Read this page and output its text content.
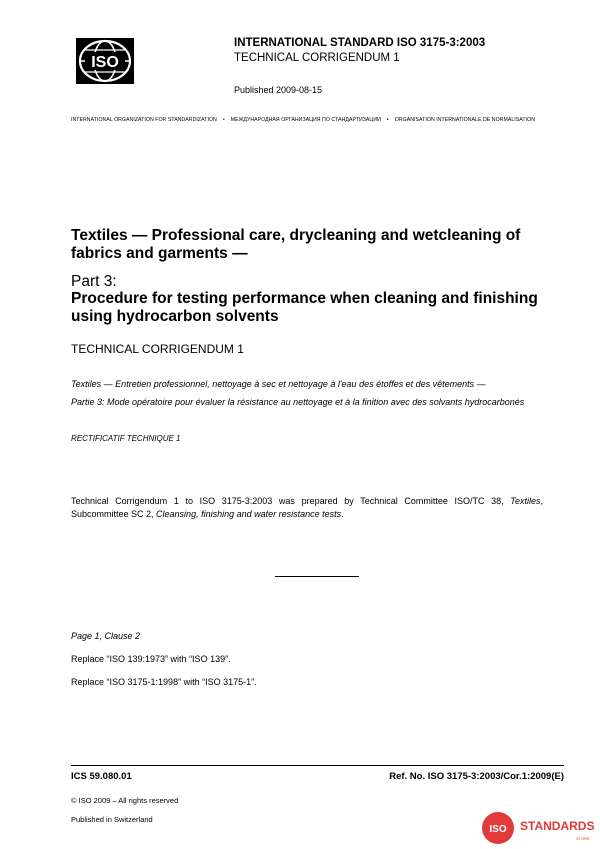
ISO
INTERNATIONAL STANDARD ISO 3175-3:2003
TECHNICAL CORRIGENDUM 1
Published 2009-08-15
INTERNATIONAL ORGANIZATION FOR STANDARDIZATION • МЕЖДУНАРОДНАЯ ОРГАНИЗАЦИЯ ПО СТАНДАРТИЗАЦИИ • ORGANISATION INTERNATIONALE DE NORMALISATION
Textiles — Professional care, drycleaning and wetcleaning of fabrics and garments —
Part 3:
Procedure for testing performance when cleaning and finishing using hydrocarbon solvents
TECHNICAL CORRIGENDUM 1
Textiles — Entretien professionnel, nettoyage à sec et nettoyage à l'eau des étoffes et des vêtements —
Partie 3: Mode opératoire pour évaluer la résistance au nettoyage et à la finition avec des solvants hydrocarbonés
RECTIFICATIF TECHNIQUE 1
Technical Corrigendum 1 to ISO 3175-3:2003 was prepared by Technical Committee ISO/TC 38, Textiles, Subcommittee SC 2, Cleansing, finishing and water resistance tests.
Page 1, Clause 2
Replace “ISO 139:1973” with “ISO 139”.
Replace “ISO 3175-1:1998” with “ISO 3175-1”.
ICS 59.080.01	Ref. No. ISO 3175-3:2003/Cor.1:2009(E)
© ISO 2009 – All rights reserved
Published in Switzerland
ISO STANDARDS
STORE
